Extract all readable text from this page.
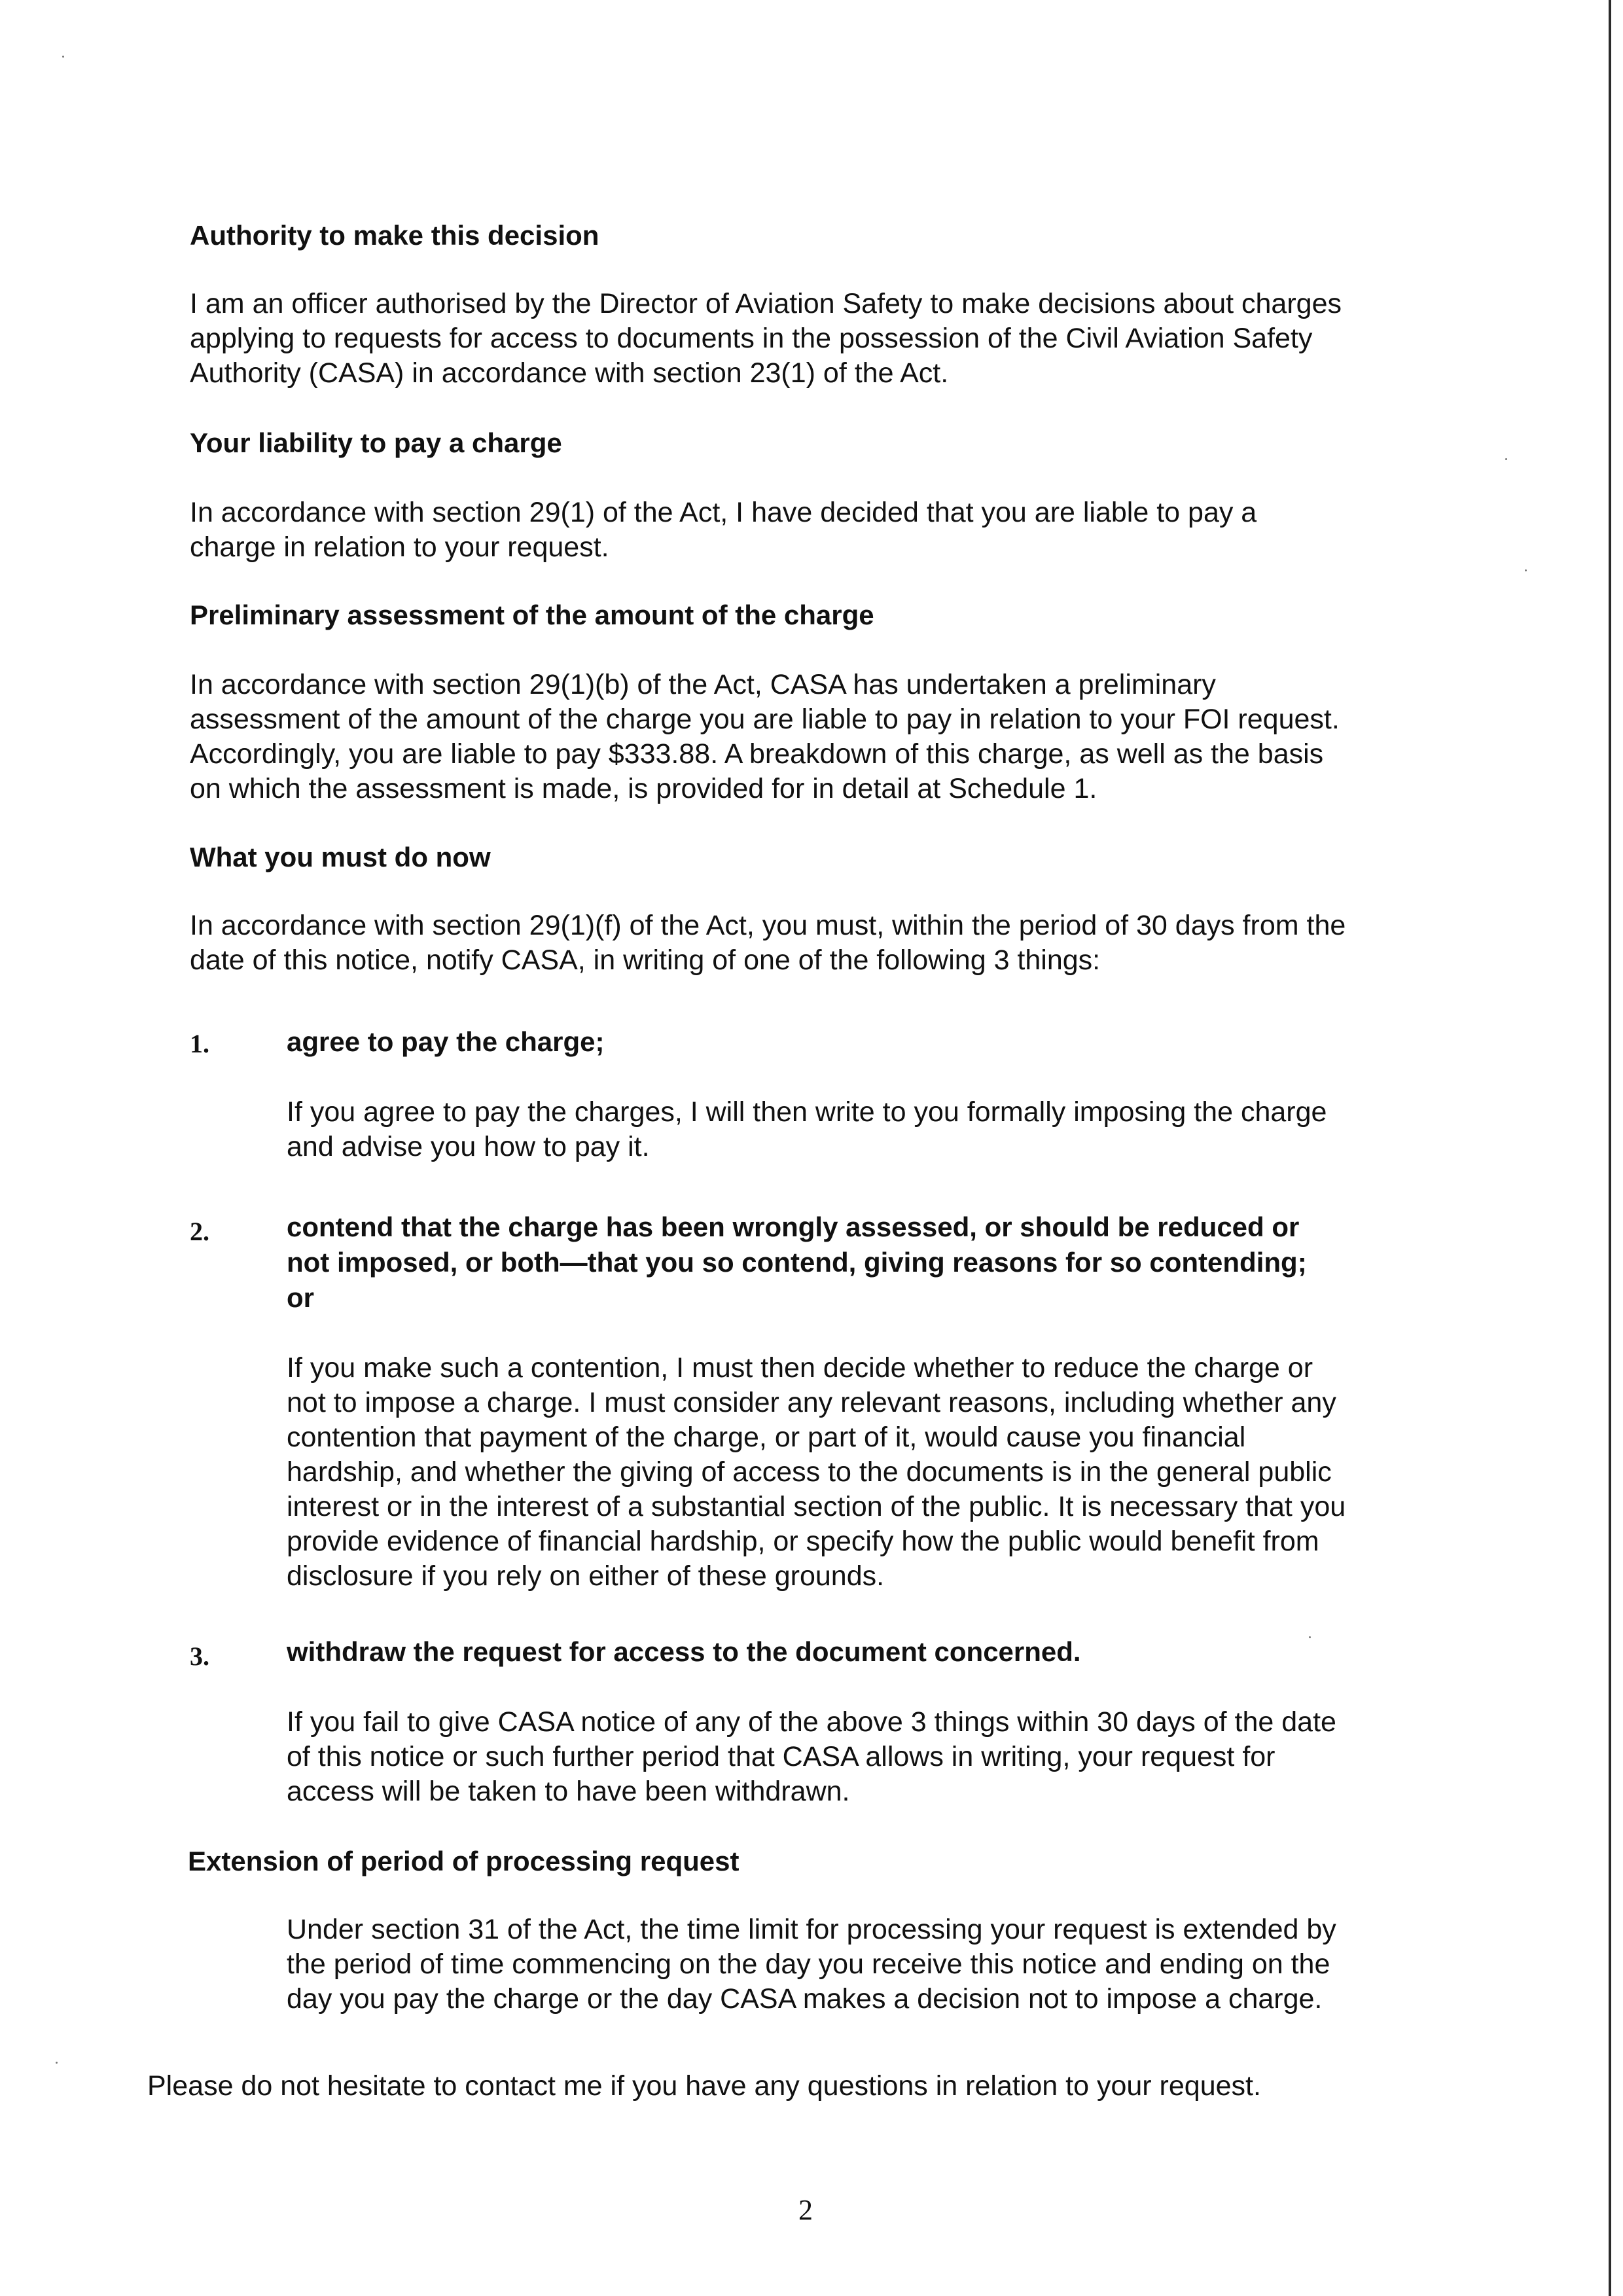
Authority to make this decision

I am an officer authorised by the Director of Aviation Safety to make decisions about charges
applying to requests for access to documents in the possession of the Civil Aviation Safety
Authority (CASA) in accordance with section 23(1) of the Act.

Your liability to pay a charge

In accordance with section 29(1) of the Act, I have decided that you are liable to pay a

charge in relation to your request.

Preliminary assessment of the amount of the charge

In accordance with section 29(1)(b) of the Act, CASA has undertaken a preliminary
assessment of the amount of the charge you are liable to pay in relation to your FOI request.
Accordingly, you are liable to pay $333.88. A breakdown of this charge, as well as the basis
on which the assessment is made, is provided for in detail at Schedule 1.

What you must do now

In accordance with section 29(1)(f) of the Act, you must, within the period of 30 days from the
date of this notice, notify CASA, in writing of one of the following 3 things:

1.	agree to pay the charge;

If you agree to pay the charges, I will then write to you formally imposing the charge
and advise you how to pay it.

2.	contend that the charge has been wrongly assessed, or should be reduced or
not imposed, or both—that you so contend, giving reasons for so contending;
or

If you make such a contention, I must then decide whether to reduce the charge or
not to impose a charge. I must consider any relevant reasons, including whether any
contention that payment of the charge, or part of it, would cause you financial
hardship, and whether the giving of access to the documents is in the general public
interest or in the interest of a substantial section of the public. It is necessary that you
provide evidence of financial hardship, or specify how the public would benefit from
disclosure if you rely on either of these grounds.

3.	withdraw the request for access to the document concerned.

If you fail to give CASA notice of any of the above 3 things within 30 days of the date
of this notice or such further period that CASA allows in writing, your request for
access will be taken to have been withdrawn.

Extension of period of processing request

Under section 31 of the Act, the time limit for processing your request is extended by
the period of time commencing on the day you receive this notice and ending on the
day you pay the charge or the day CASA makes a decision not to impose a charge.

Please do not hesitate to contact me if you have any questions in relation to your request.

2
